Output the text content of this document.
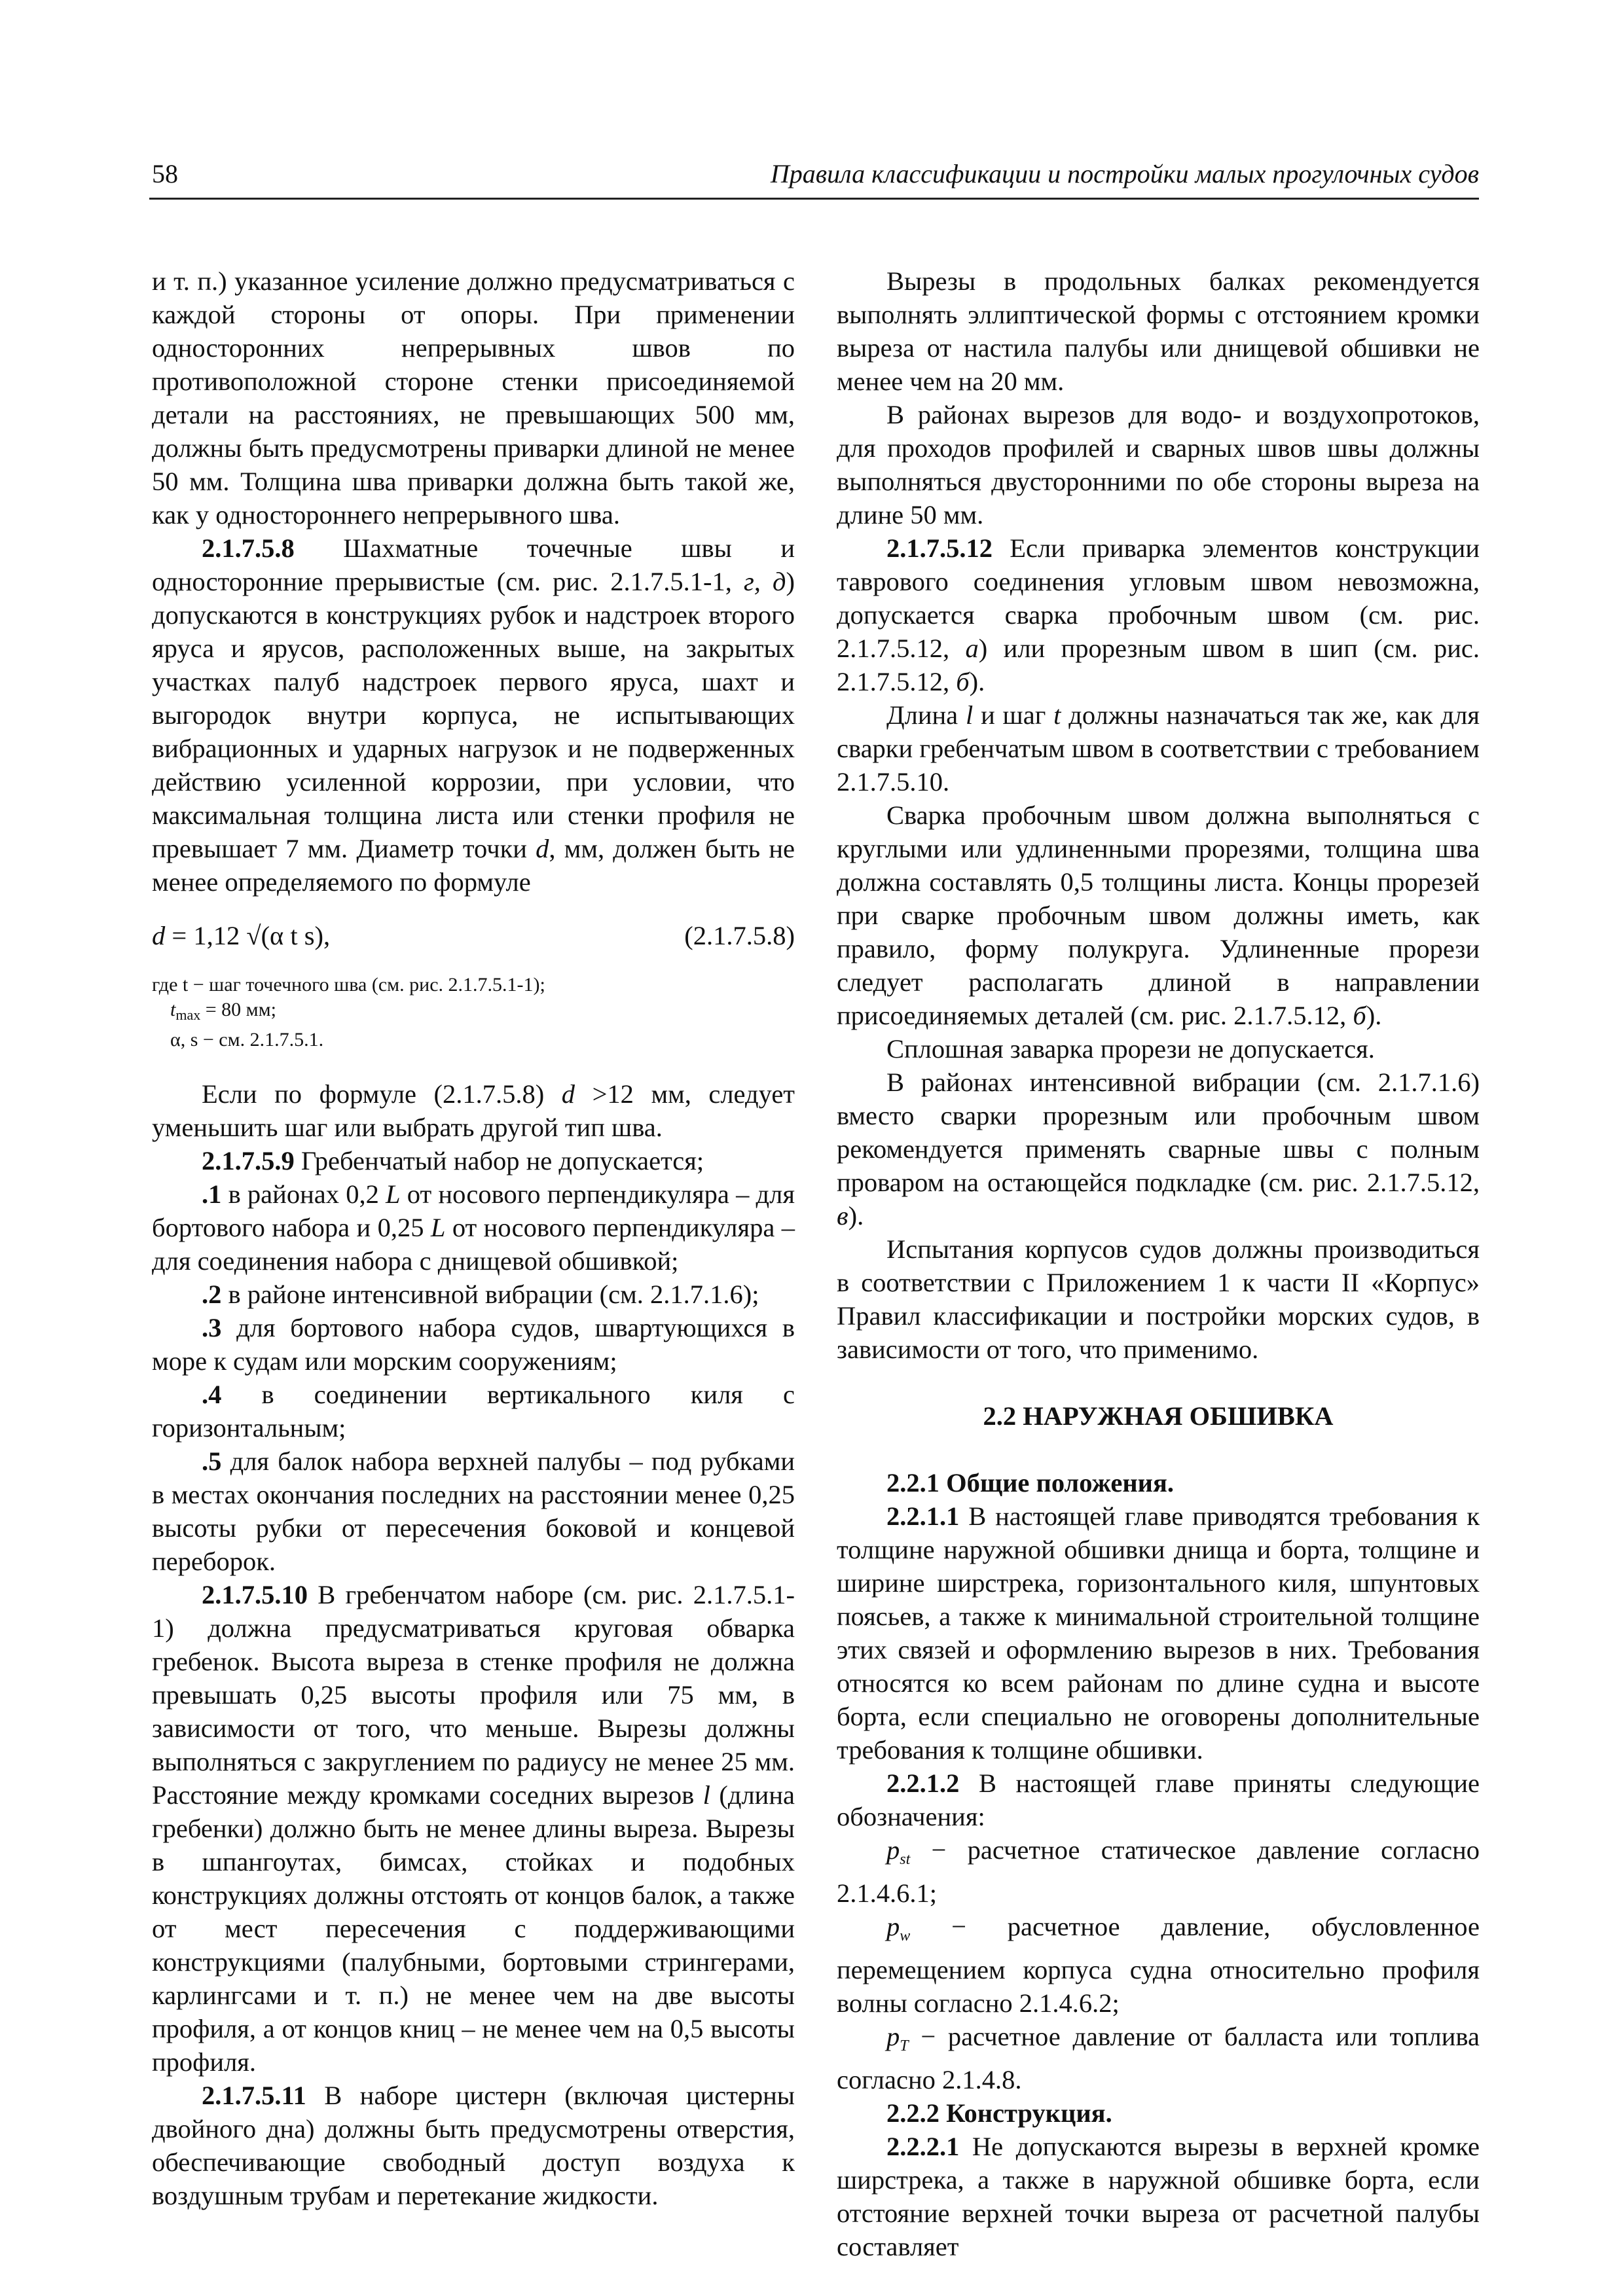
58	Правила классификации и постройки малых прогулочных судов

и т. п.) указанное усиление должно предусматриваться с каждой стороны от опоры. При применении односторонних непрерывных швов по противоположной стороне стенки присоединяемой детали на расстояниях, не превышающих 500 мм, должны быть предусмотрены приварки длиной не менее 50 мм. Толщина шва приварки должна быть такой же, как у одностороннего непрерывного шва.

2.1.7.5.8 Шахматные точечные швы и односторонние прерывистые (см. рис. 2.1.7.5.1-1, г, д) допускаются в конструкциях рубок и надстроек второго яруса и ярусов, расположенных выше, на закрытых участках палуб надстроек первого яруса, шахт и выгородок внутри корпуса, не испытывающих вибрационных и ударных нагрузок и не подверженных действию усиленной коррозии, при условии, что максимальная толщина листа или стенки профиля не превышает 7 мм. Диаметр точки d, мм, должен быть не менее определяемого по формуле

d = 1,12 √(α t s),	(2.1.7.5.8)
где t − шаг точечного шва (см. рис. 2.1.7.5.1-1);
$t_{max} = 80$ мм;
α, s − см. 2.1.7.5.1.

Если по формуле (2.1.7.5.8) d >12 мм, следует уменьшить шаг или выбрать другой тип шва.

2.1.7.5.9 Гребенчатый набор не допускается;

.1 в районах 0,2 L от носового перпендикуляра – для бортового набора и 0,25 L от носового перпендикуляра – для соединения набора с днищевой обшивкой;

.2 в районе интенсивной вибрации (см. 2.1.7.1.6);

.3 для бортового набора судов, швартующихся в море к судам или морским сооружениям;

.4 в соединении вертикального киля с горизонтальным;

.5 для балок набора верхней палубы – под рубками в местах окончания последних на расстоянии менее 0,25 высоты рубки от пересечения боковой и концевой переборок.

2.1.7.5.10 В гребенчатом наборе (см. рис. 2.1.7.5.1-1) должна предусматриваться круговая обварка гребенок. Высота выреза в стенке профиля не должна превышать 0,25 высоты профиля или 75 мм, в зависимости от того, что меньше. Вырезы должны выполняться с закруглением по радиусу не менее 25 мм. Расстояние между кромками соседних вырезов l (длина гребенки) должно быть не менее длины выреза. Вырезы в шпангоутах, бимсах, стойках и подобных конструкциях должны отстоять от концов балок, а также от мест пересечения с поддерживающими конструкциями (палубными, бортовыми стрингерами, карлингсами и т. п.) не менее чем на две высоты профиля, а от концов книц – не менее чем на 0,5 высоты профиля.

2.1.7.5.11 В наборе цистерн (включая цистерны двойного дна) должны быть предусмотрены отверстия, обеспечивающие свободный доступ воздуха к воздушным трубам и перетекание жидкости.

Вырезы в продольных балках рекомендуется выполнять эллиптической формы с отстоянием кромки выреза от настила палубы или днищевой обшивки не менее чем на 20 мм.

В районах вырезов для водо- и воздухопротоков, для проходов профилей и сварных швов швы должны выполняться двусторонними по обе стороны выреза на длине 50 мм.

2.1.7.5.12 Если приварка элементов конструкции таврового соединения угловым швом невозможна, допускается сварка пробочным швом (см. рис. 2.1.7.5.12, а) или прорезным швом в шип (см. рис. 2.1.7.5.12, б).

Длина l и шаг t должны назначаться так же, как для сварки гребенчатым швом в соответствии с требованием 2.1.7.5.10.

Сварка пробочным швом должна выполняться с круглыми или удлиненными прорезями, толщина шва должна составлять 0,5 толщины листа. Концы прорезей при сварке пробочным швом должны иметь, как правило, форму полукруга. Удлиненные прорези следует располагать длиной в направлении присоединяемых деталей (см. рис. 2.1.7.5.12, б).

Сплошная заварка прорези не допускается.

В районах интенсивной вибрации (см. 2.1.7.1.6) вместо сварки прорезным или пробочным швом рекомендуется применять сварные швы с полным проваром на остающейся подкладке (см. рис. 2.1.7.5.12, в).

Испытания корпусов судов должны производиться в соответствии с Приложением 1 к части II «Корпус» Правил классификации и постройки морских судов, в зависимости от того, что применимо.

2.2 НАРУЖНАЯ ОБШИВКА

2.2.1 Общие положения.

2.2.1.1 В настоящей главе приводятся требования к толщине наружной обшивки днища и борта, толщине и ширине ширстрека, горизонтального киля, шпунтовых поясьев, а также к минимальной строительной толщине этих связей и оформлению вырезов в них. Требования относятся ко всем районам по длине судна и высоте борта, если специально не оговорены дополнительные требования к толщине обшивки.

2.2.1.2 В настоящей главе приняты следующие обозначения:

$p_{st}$ − расчетное статическое давление согласно 2.1.4.6.1;

$p_w$ − расчетное давление, обусловленное перемещением корпуса судна относительно профиля волны согласно 2.1.4.6.2;

$p_T$ − расчетное давление от балласта или топлива согласно 2.1.4.8.

2.2.2 Конструкция.

2.2.2.1 Не допускаются вырезы в верхней кромке ширстрека, а также в наружной обшивке борта, если отстояние верхней точки выреза от расчетной палубы составляет
